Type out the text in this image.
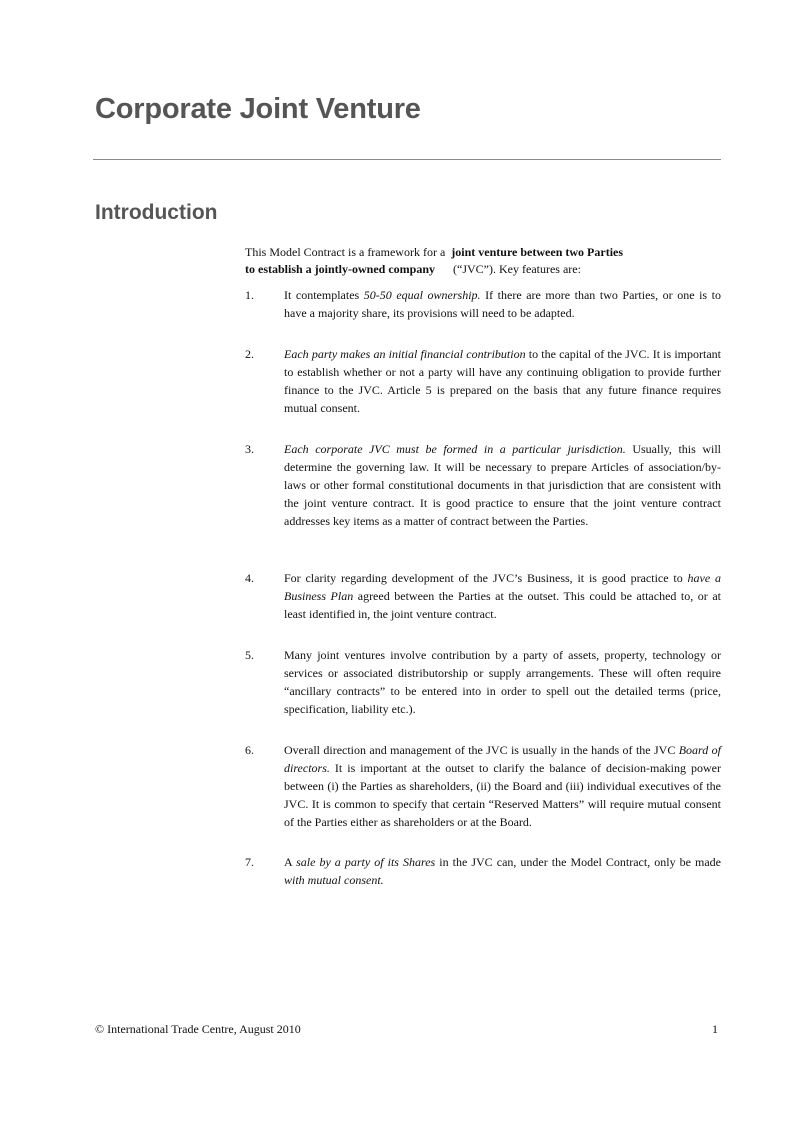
Corporate Joint Venture
Introduction
This Model Contract is a framework for a joint venture between two Parties
to establish a jointly-owned company (“JVC”). Key features are:
1.	It contemplates 50-50 equal ownership. If there are more than two Parties, or one is to have a majority share, its provisions will need to be adapted.
2.	Each party makes an initial financial contribution to the capital of the JVC. It is important to establish whether or not a party will have any continuing obligation to provide further finance to the JVC. Article 5 is prepared on the basis that any future finance requires mutual consent.
3.	Each corporate JVC must be formed in a particular jurisdiction. Usually, this will determine the governing law. It will be necessary to prepare Articles of association/by-laws or other formal constitutional documents in that jurisdiction that are consistent with the joint venture contract. It is good practice to ensure that the joint venture contract addresses key items as a matter of contract between the Parties.
4.	For clarity regarding development of the JVC’s Business, it is good practice to have a Business Plan agreed between the Parties at the outset. This could be attached to, or at least identified in, the joint venture contract.
5.	Many joint ventures involve contribution by a party of assets, property, technology or services or associated distributorship or supply arrangements. These will often require “ancillary contracts” to be entered into in order to spell out the detailed terms (price, specification, liability etc.).
6.	Overall direction and management of the JVC is usually in the hands of the JVC Board of directors. It is important at the outset to clarify the balance of decision-making power between (i) the Parties as shareholders, (ii) the Board and (iii) individual executives of the JVC. It is common to specify that certain “Reserved Matters” will require mutual consent of the Parties either as shareholders or at the Board.
7.	A sale by a party of its Shares in the JVC can, under the Model Contract, only be made with mutual consent.
© International Trade Centre, August 2010	1
